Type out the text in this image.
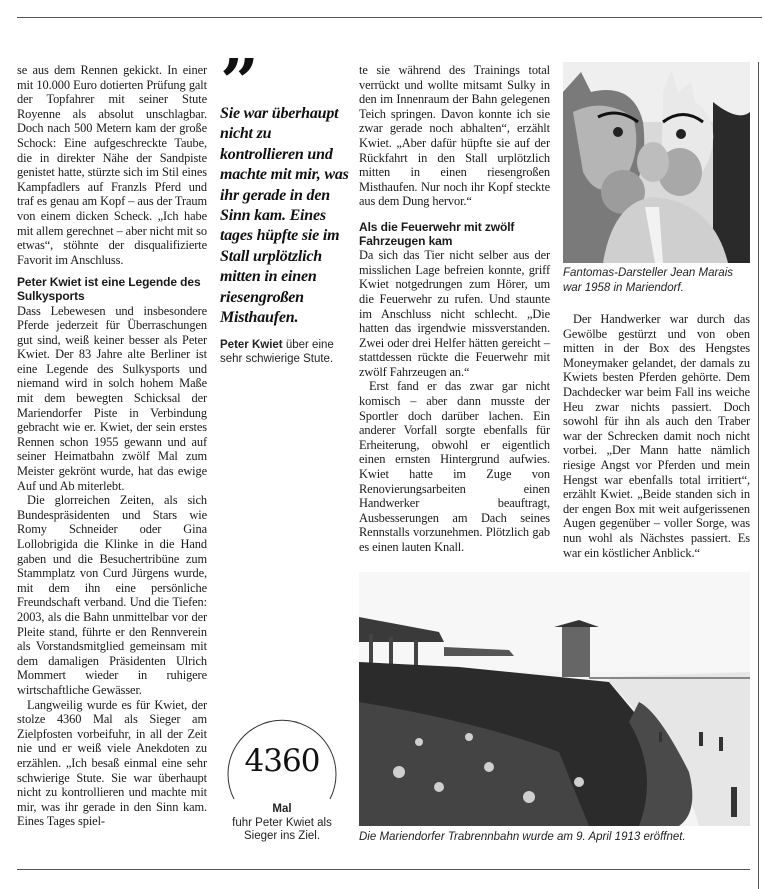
se aus dem Rennen gekickt. In einer mit 10.000 Euro dotierten Prüfung galt der Topfahrer mit seiner Stute Royenne als absolut unschlagbar. Doch nach 500 Metern kam der große Schock: Eine aufgeschreckte Taube, die in direkter Nähe der Sandpiste genistet hatte, stürzte sich im Stil eines Kampfadlers auf Franzls Pferd und traf es genau am Kopf – aus der Traum von einem dicken Scheck. „Ich habe mit allem gerechnet – aber nicht mit so etwas“, stöhnte der disqualifizierte Favorit im Anschluss.

Peter Kwiet ist eine Legende des Sulkysports

Dass Lebewesen und insbesondere Pferde jederzeit für Überraschungen gut sind, weiß keiner besser als Peter Kwiet. Der 83 Jahre alte Berliner ist eine Legende des Sulkysports und niemand wird in solch hohem Maße mit dem bewegten Schicksal der Mariendorfer Piste in Verbindung gebracht wie er. Kwiet, der sein erstes Rennen schon 1955 gewann und auf seiner Heimatbahn zwölf Mal zum Meister gekrönt wurde, hat das ewige Auf und Ab miterlebt.

Die glorreichen Zeiten, als sich Bundespräsidenten und Stars wie Romy Schneider oder Gina Lollobrigida die Klinke in die Hand gaben und die Besuchertribüne zum Stammplatz von Curd Jürgens wurde, mit dem ihn eine persönliche Freundschaft verband. Und die Tiefen: 2003, als die Bahn unmittelbar vor der Pleite stand, führte er den Rennverein als Vorstandsmitglied gemeinsam mit dem damaligen Präsidenten Ulrich Mommert wieder in ruhigere wirtschaftliche Gewässer.

Langweilig wurde es für Kwiet, der stolze 4360 Mal als Sieger am Zielpfosten vorbeifuhr, in all der Zeit nie und er weiß viele Anekdoten zu erzählen. „Ich besaß einmal eine sehr schwierige Stute. Sie war überhaupt nicht zu kontrollieren und machte mit mir, was ihr gerade in den Sinn kam. Eines Tages spiel-

”
Sie war überhaupt nicht zu kontrollieren und machte mit mir, was ihr gerade in den Sinn kam. Eines tages hüpfte sie im Stall urplötzlich mitten in einen riesengroßen Misthaufen.
Peter Kwiet über eine sehr schwierige Stute.
4360
Mal
fuhr Peter Kwiet als Sieger ins Ziel.

te sie während des Trainings total verrückt und wollte mitsamt Sulky in den im Innenraum der Bahn gelegenen Teich springen. Davon konnte ich sie zwar gerade noch abhalten“, erzählt Kwiet. „Aber dafür hüpfte sie auf der Rückfahrt in den Stall urplötzlich mitten in einen riesengroßen Misthaufen. Nur noch ihr Kopf steckte aus dem Dung hervor.“

Als die Feuerwehr mit zwölf Fahrzeugen kam

Da sich das Tier nicht selber aus der misslichen Lage befreien konnte, griff Kwiet notgedrungen zum Hörer, um die Feuerwehr zu rufen. Und staunte im Anschluss nicht schlecht. „Die hatten das irgendwie missverstanden. Zwei oder drei Helfer hätten gereicht – stattdessen rückte die Feuerwehr mit zwölf Fahrzeugen an.“

Erst fand er das zwar gar nicht komisch – aber dann musste der Sportler doch darüber lachen. Ein anderer Vorfall sorgte ebenfalls für Erheiterung, obwohl er eigentlich einen ernsten Hintergrund aufwies. Kwiet hatte im Zuge von Renovierungsarbeiten einen Handwerker beauftragt, Ausbesserungen am Dach seines Rennstalls vorzunehmen. Plötzlich gab es einen lauten Knall.

Fantomas-Darsteller Jean Marais war 1958 in Mariendorf.

Der Handwerker war durch das Gewölbe gestürzt und von oben mitten in der Box des Hengstes Moneymaker gelandet, der damals zu Kwiets besten Pferden gehörte. Dem Dachdecker war beim Fall ins weiche Heu zwar nichts passiert. Doch sowohl für ihn als auch den Traber war der Schrecken damit noch nicht vorbei. „Der Mann hatte nämlich riesige Angst vor Pferden und mein Hengst war ebenfalls total irritiert“, erzählt Kwiet. „Beide standen sich in der engen Box mit weit aufgerissenen Augen gegenüber – voller Sorge, was nun wohl als Nächstes passiert. Es war ein köstlicher Anblick.“

Die Mariendorfer Trabrennbahn wurde am 9. April 1913 eröffnet.
